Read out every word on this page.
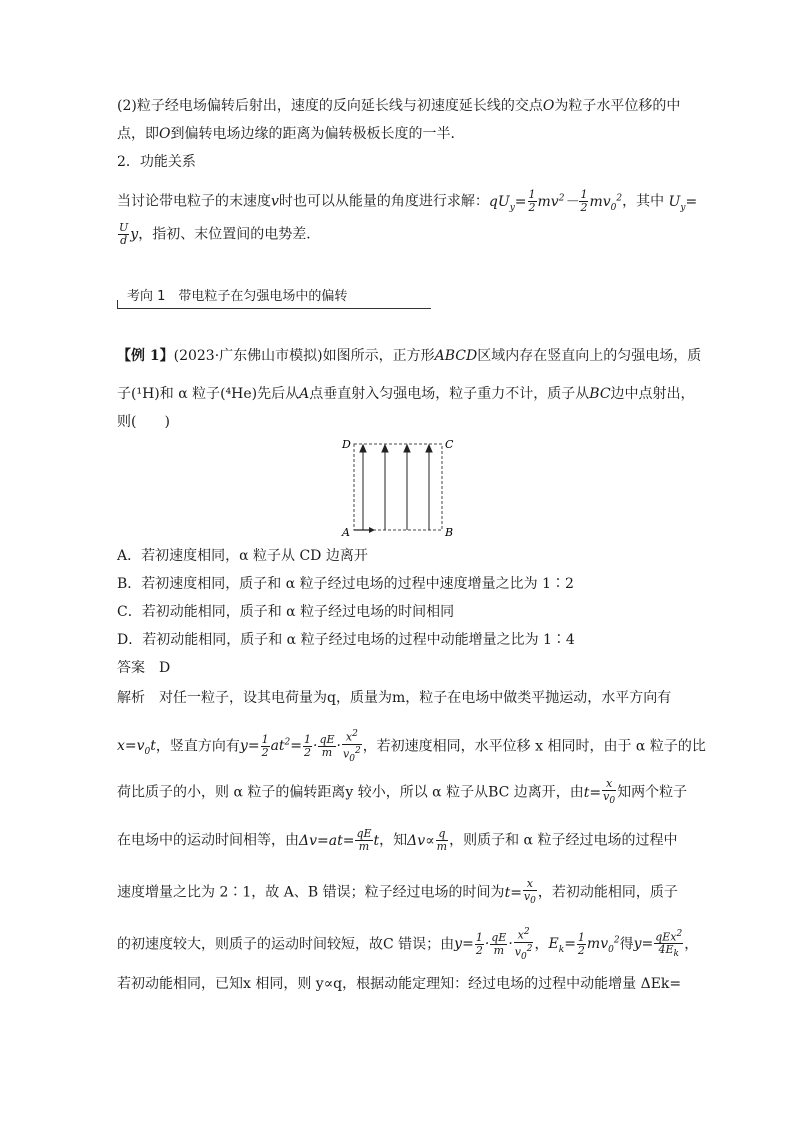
(2)粒子经电场偏转后射出，速度的反向延长线与初速度延长线的交点O为粒子水平位移的中
点，即O到偏转电场边缘的距离为偏转极板长度的一半．
2．功能关系
当讨论带电粒子的末速度v时也可以从能量的角度进行求解：$qU_y= \frac{1}{2} mv^2- \frac{1}{2} mv_0^2$，其中 $U_y=$
$\frac{U}{d}$ y，指初、末位置间的电势差．
考向 1　带电粒子在匀强电场中的偏转
【例 1】(2023·广东佛山市模拟)如图所示，正方形ABCD区域内存在竖直向上的匀强电场，质
子(¹H)和 α 粒子(⁴He)先后从A点垂直射入匀强电场，粒子重力不计，质子从BC边中点射出，
则(　　)
D	C
A	B
A．若初速度相同，α 粒子从 CD 边离开
B．若初速度相同，质子和 α 粒子经过电场的过程中速度增量之比为 1∶2
C．若初动能相同，质子和 α 粒子经过电场的时间相同
D．若初动能相同，质子和 α 粒子经过电场的过程中动能增量之比为 1∶4
答案　 D
解析　 对任一粒子，设其电荷量为q，质量为m，粒子在电场中做类平抛运动，水平方向有
$x=v_0t$，竖直方向有$y= \frac{1}{2} at^2= \frac{1}{2} \cdot \frac{qE}{m} \cdot \frac{x^2}{v_0^2}$ ，若初速度相同，水平位移 x 相同时，由于 α 粒子的比
荷比质子的小，则 α 粒子的偏转距离y 较小，所以 α 粒子从BC 边离开，由$t= \frac{x}{v_0}$ 知两个粒子
在电场中的运动时间相等，由$\Delta v=at= \frac{qE}{m}$ t，知$\Delta v\propto \frac{q}{m}$ ，则质子和 α 粒子经过电场的过程中
速度增量之比为 2∶1，故 A、B 错误；粒子经过电场的时间为$t= \frac{x}{v_0}$ ，若初动能相同，质子
的初速度较大，则质子的运动时间较短，故C 错误；由$y= \frac{1}{2} \cdot \frac{qE}{m} \cdot \frac{x^2}{v_0^2}$ ，$E_k= \frac{1}{2} mv_0^2$得$y= \frac{qEx^2}{4E_k}$ ，
若初动能相同，已知x 相同，则 y∝q，根据动能定理知：经过电场的过程中动能增量 ΔEk=
